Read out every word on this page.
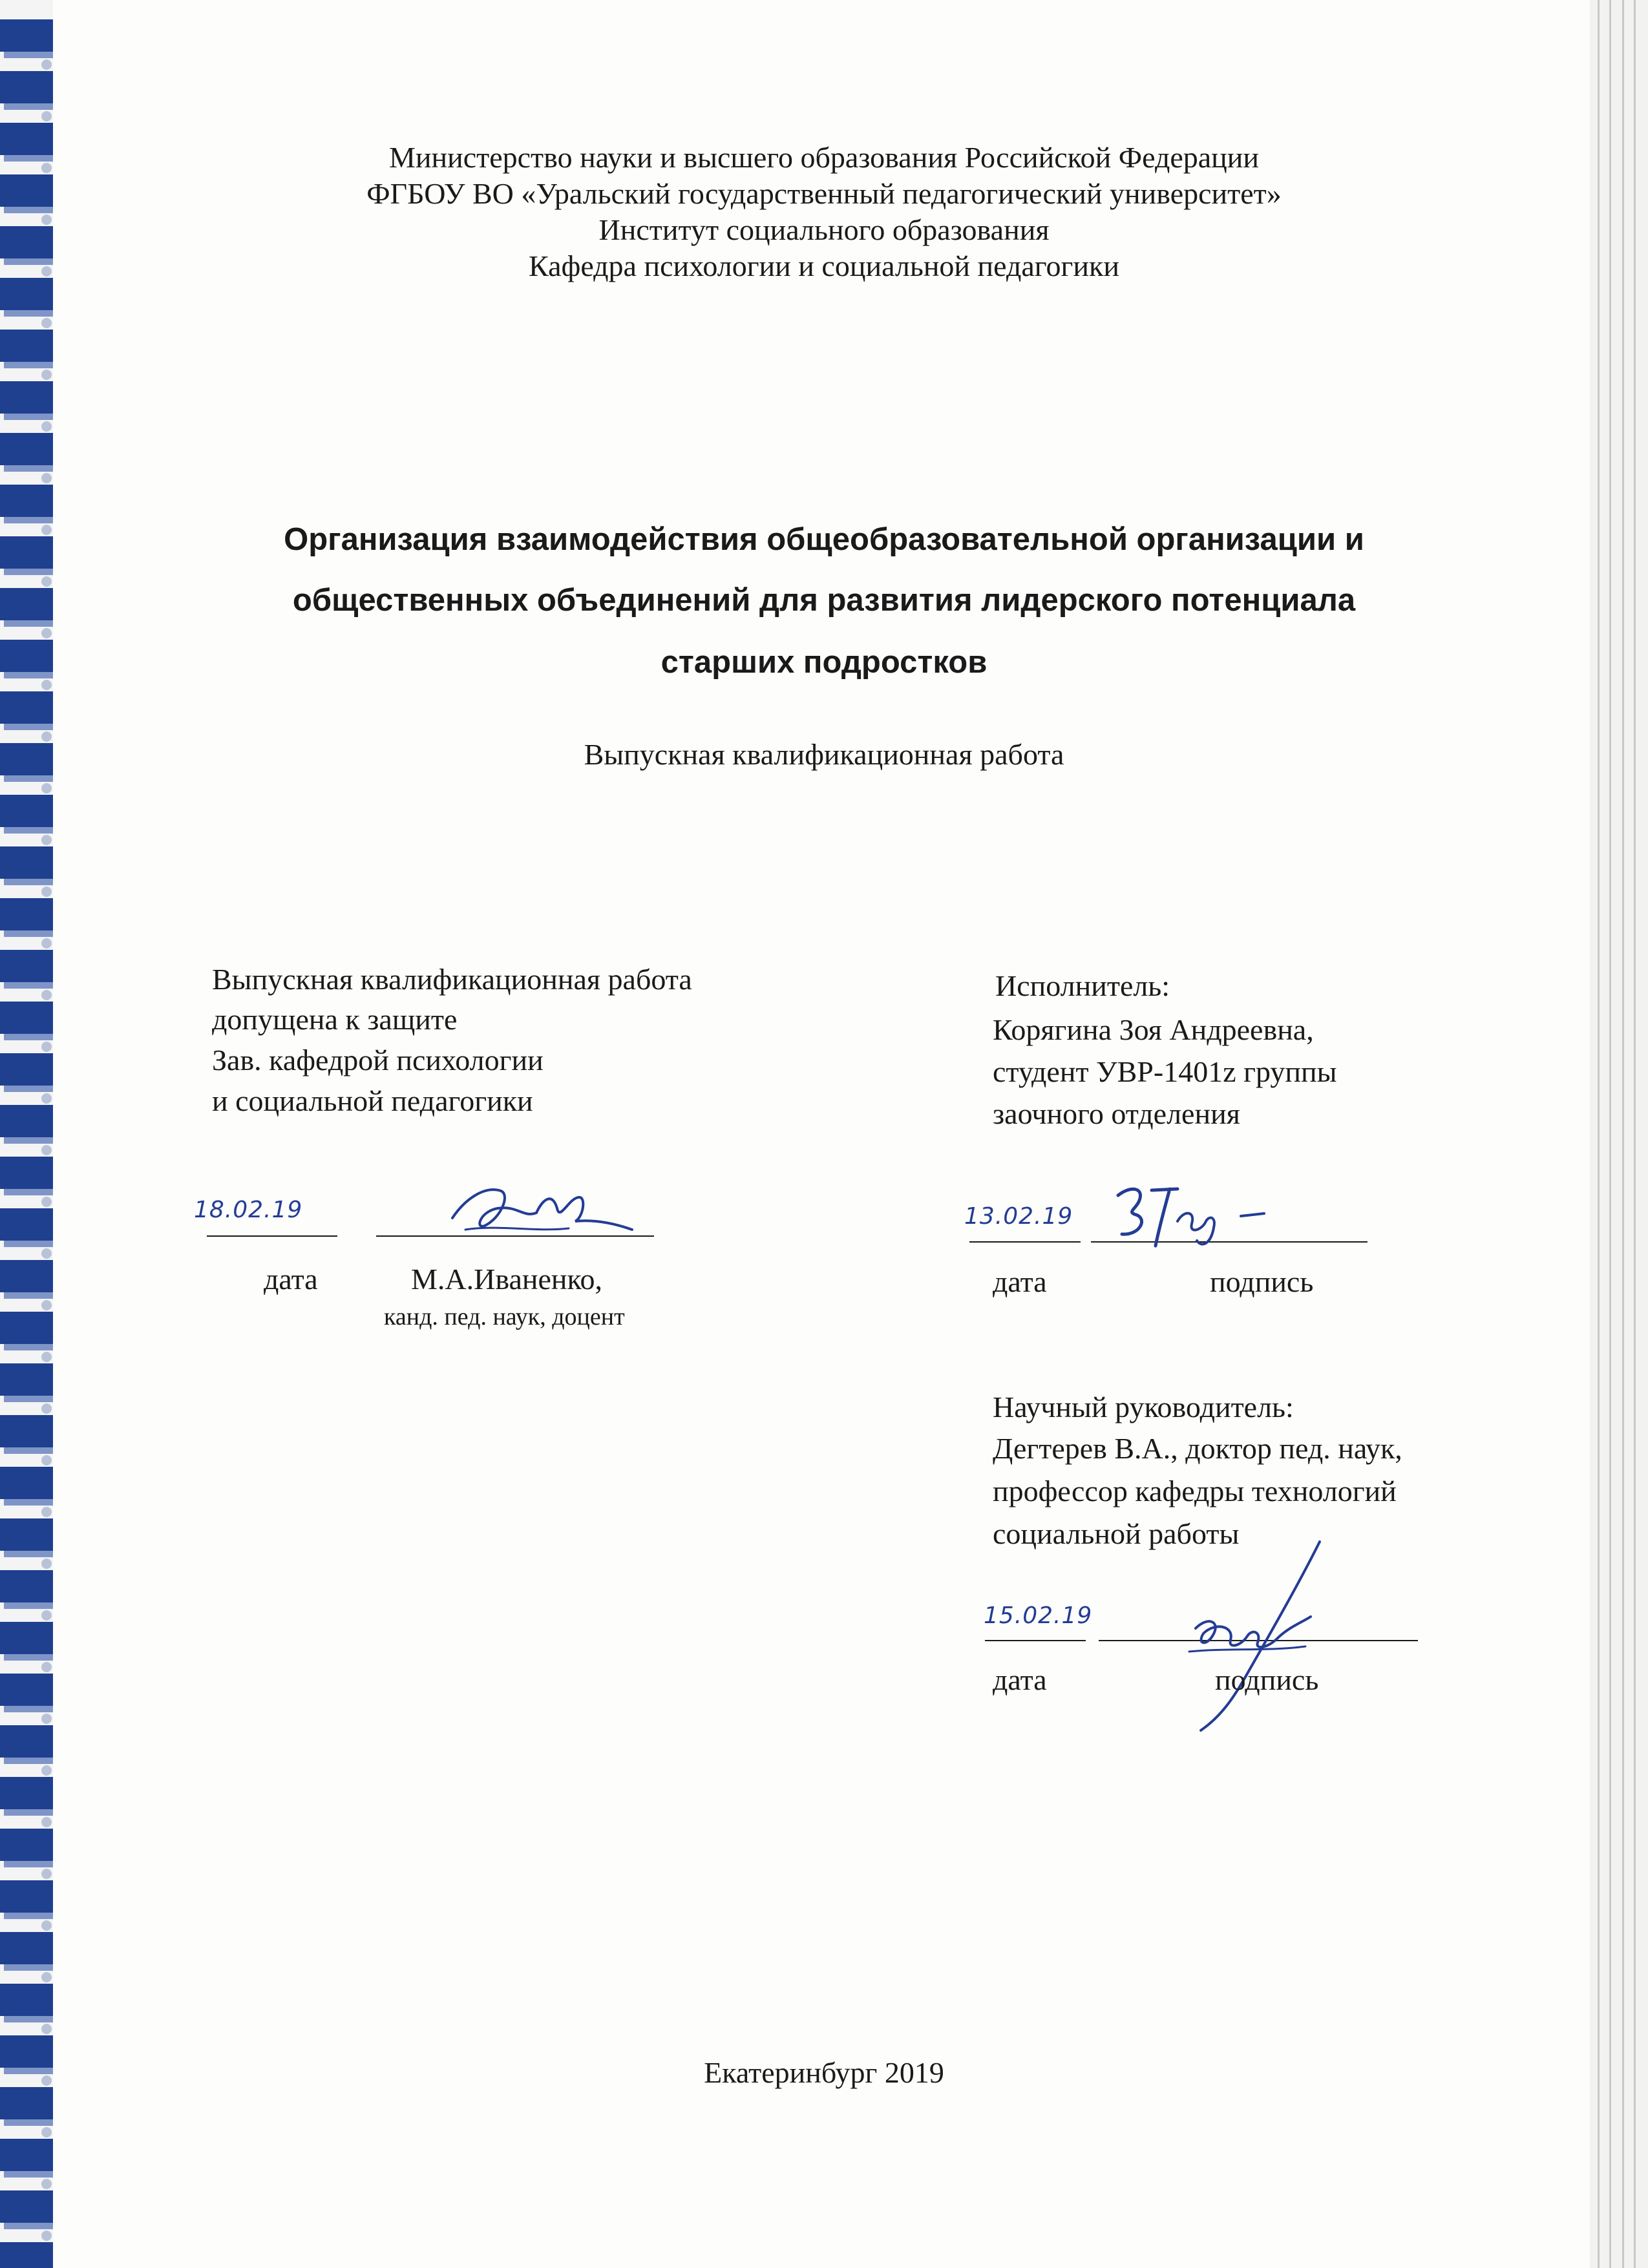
Министерство науки и высшего образования Российской Федерации
ФГБОУ ВО «Уральский государственный педагогический университет»
Институт социального образования
Кафедра психологии и социальной педагогики
Организация взаимодействия общеобразовательной организации и
общественных объединений для развития лидерского потенциала
старших подростков
Выпускная квалификационная работа
Выпускная квалификационная работа
допущена к защите
Зав. кафедрой психологии
и социальной педагогики
18.02.19
дата	М.А.Иваненко,
канд. пед. наук, доцент
Исполнитель:
Корягина Зоя Андреевна,
студент УВР-1401z группы
заочного отделения
13.02.19
дата	подпись
Научный руководитель:
Дегтерев В.А., доктор пед. наук,
профессор кафедры технологий
социальной работы
15.02.19
дата	подпись
Екатеринбург 2019
